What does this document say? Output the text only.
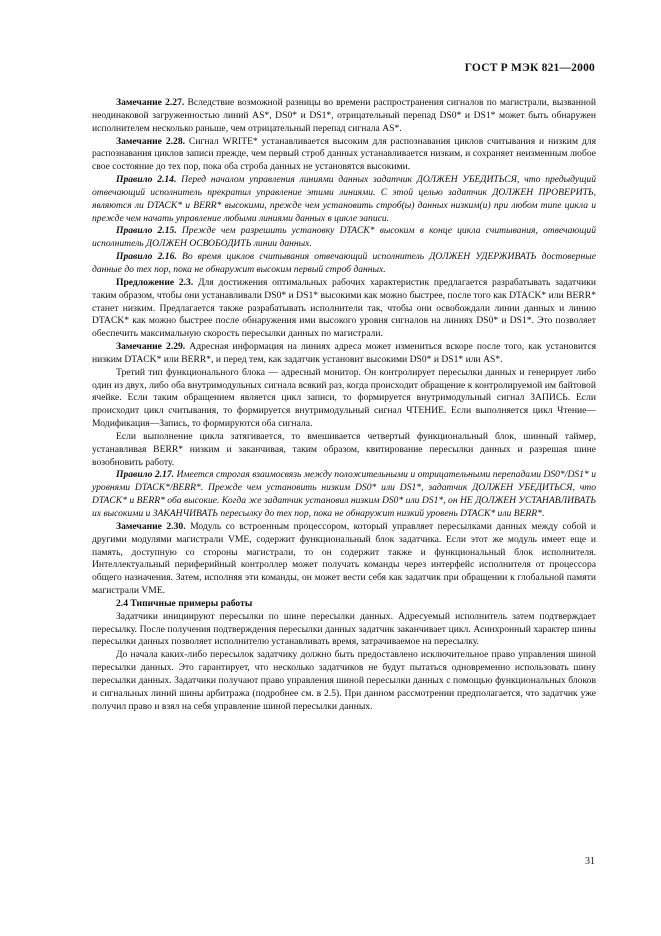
ГОСТ Р МЭК 821—2000

Замечание 2.27. Вследствие возможной разницы во времени распространения сигналов по магистрали, вызванной неодинаковой загруженностью линий AS*, DS0* и DS1*, отрицательный перепад DS0* и DS1* может быть обнаружен исполнителем несколько раньше, чем отрицательный перепад сигнала AS*.

Замечание 2.28. Сигнал WRITE* устанавливается высоким для распознавания циклов считывания и низким для распознавания циклов записи прежде, чем первый строб данных устанавливается низким, и сохраняет неизменным любое свое состояние до тех пор, пока оба строба данных не установятся высокими.

Правило 2.14. Перед началом управления линиями данных задатчик ДОЛЖЕН УБЕДИТЬСЯ, что предыдущий отвечающий исполнитель прекратил управление этими линиями. С этой целью задатчик ДОЛЖЕН ПРОВЕРИТЬ, являются ли DTACK* и BERR* высокими, прежде чем установить строб(ы) данных низким(и) при любом типе цикла и прежде чем начать управление любыми линиями данных в цикле записи.

Правило 2.15. Прежде чем разрешить установку DTACK* высоким в конце цикла считывания, отвечающий исполнитель ДОЛЖЕН ОСВОБОДИТЬ линии данных.

Правило 2.16. Во время циклов считывания отвечающий исполнитель ДОЛЖЕН УДЕРЖИВАТЬ достоверные данные до тех пор, пока не обнаружит высоким первый строб данных.

Предложение 2.3. Для достижения оптимальных рабочих характеристик предлагается разрабатывать задатчики таким образом, чтобы они устанавливали DS0* и DS1* высокими как можно быстрее, после того как DTACK* или BERR* станет низким. Предлагается также разрабатывать исполнители так, чтобы они освобождали линии данных и линию DTACK* как можно быстрее после обнаружения ими высокого уровня сигналов на линиях DS0* и DS1*. Это позволяет обеспечить максимальную скорость пересылки данных по магистрали.

Замечание 2.29. Адресная информация на линиях адреса может измениться вскоре после того, как установится низким DTACK* или BERR*, и перед тем, как задатчик установит высокими DS0* и DS1* или AS*.

Третий тип функционального блока — адресный монитор. Он контролирует пересылки данных и генерирует либо один из двух, либо оба внутримодульных сигнала всякий раз, когда происходит обращение к контролируемой им байтовой ячейке. Если таким обращением является цикл записи, то формируется внутримодульный сигнал ЗАПИСЬ. Если происходит цикл считывания, то формируется внутримодульный сигнал ЧТЕНИЕ. Если выполняется цикл Чтение—Модификация—Запись, то формируются оба сигнала.

Если выполнение цикла затягивается, то вмешивается четвертый функциональный блок, шинный таймер, устанавливая BERR* низким и заканчивая, таким образом, квитирование пересылки данных и разрешая шине возобновить работу.

Правило 2.17. Имеется строгая взаимосвязь между положительными и отрицательными перепадами DS0*/DS1* и уровнями DTACK*/BERR*. Прежде чем установить низким DS0* или DS1*, задатчик ДОЛЖЕН УБЕДИТЬСЯ, что DTACK* и BERR* оба высокие. Когда же задатчик установил низким DS0* или DS1*, он НЕ ДОЛЖЕН УСТАНАВЛИВАТЬ их высокими и ЗАКАНЧИВАТЬ пересылку до тех пор, пока не обнаружит низкий уровень DTACK* или BERR*.

Замечание 2.30. Модуль со встроенным процессором, который управляет пересылками данных между собой и другими модулями магистрали VME, содержит функциональный блок задатчика. Если этот же модуль имеет еще и память, доступную со стороны магистрали, то он содержит также и функциональный блок исполнителя. Интеллектуальный периферийный контроллер может получать команды через интерфейс исполнителя от процессора общего назначения. Затем, исполняя эти команды, он может вести себя как задатчик при обращении к глобальной памяти магистрали VME.

2.4 Типичные примеры работы

Задатчики инициируют пересылки по шине пересылки данных. Адресуемый исполнитель затем подтверждает пересылку. После получения подтверждения пересылки данных задатчик заканчивает цикл. Асинхронный характер шины пересылки данных позволяет исполнителю устанавливать время, затрачиваемое на пересылку.

До начала каких-либо пересылок задатчику должно быть предоставлено исключительное право управления шиной пересылки данных. Это гарантирует, что несколько задатчиков не будут пытаться одновременно использовать шину пересылки данных. Задатчики получают право управления шиной пересылки данных с помощью функциональных блоков и сигнальных линий шины арбитража (подробнее см. в 2.5). При данном рассмотрении предполагается, что задатчик уже получил право и взял на себя управление шиной пересылки данных.

31
